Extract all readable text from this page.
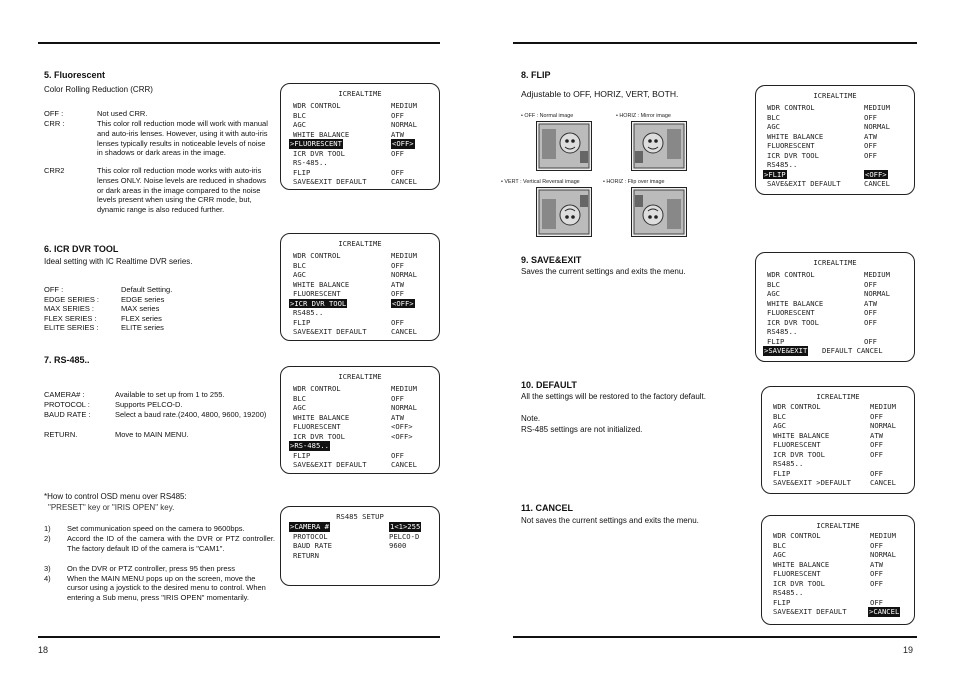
5. Fluorescent
Color Rolling Reduction (CRR)
OFF :	Not used CRR.
CRR :	This color roll reduction mode will work with manual and auto-iris lenses. However, using it with auto-iris lenses typically results in noticeable levels of noise in shadows or dark areas in the image.
CRR2	This color roll reduction mode works with auto-iris lenses ONLY. Noise levels are reduced in shadows or dark areas in the image compared to the noise levels present when using the CRR mode, but, dynamic range is also reduced further.
ICREALTIME
WDR CONTROL	MEDIUM
BLC	OFF
AGC	NORMAL
WHITE BALANCE	ATW
>FLUORESCENT	<OFF>
ICR DVR TOOL	OFF
RS-485..
FLIP	OFF
SAVE&EXIT DEFAULT	CANCEL
6. ICR DVR TOOL
Ideal setting with IC Realtime DVR series.
OFF :	Default Setting.
EDGE SERIES :	EDGE series
MAX SERIES :	MAX series
FLEX SERIES :	FLEX series
ELITE SERIES :	ELITE series
ICREALTIME
WDR CONTROL	MEDIUM
BLC	OFF
AGC	NORMAL
WHITE BALANCE	ATW
FLUORESCENT	OFF
>ICR DVR TOOL	<OFF>
RS485..
FLIP	OFF
SAVE&EXIT DEFAULT	CANCEL
7. RS-485..
CAMERA# :	Available to set up from 1 to 255.
PROTOCOL :	Supports PELCO-D.
BAUD RATE :	Select a baud rate.(2400, 4800, 9600, 19200)
RETURN.	Move to MAIN MENU.
ICREALTIME
WDR CONTROL	MEDIUM
BLC	OFF
AGC	NORMAL
WHITE BALANCE	ATW
FLUORESCENT	<OFF>
ICR DVR TOOL	<OFF>
>RS-485..
FLIP	OFF
SAVE&EXIT DEFAULT	CANCEL
*How to control OSD menu over RS485:
"PRESET" key or "IRIS OPEN" key.
1) Set communication speed on the camera to 9600bps.
2) Accord the ID of the camera with the DVR or PTZ controller. The factory default ID of the camera is "CAM1".
3) On the DVR or PTZ controller, press 95 then press
4) When the MAIN MENU pops up on the screen, move the cursor using a joystick to the desired menu to control. When entering a Sub menu, press "IRIS OPEN" momentarily.
RS485 SETUP
>CAMERA #	1<1>255
PROTOCOL	PELCO-D
BAUD RATE	9600
RETURN
18
8. FLIP
Adjustable to OFF, HORIZ, VERT, BOTH.
• OFF : Normal image	• HORIZ : Mirror image
• VERT : Vertical Reversal image	• HORIZ : Flip over image
ICREALTIME
WDR CONTROL	MEDIUM
BLC	OFF
AGC	NORMAL
WHITE BALANCE	ATW
FLUORESCENT	OFF
ICR DVR TOOL	OFF
RS485..
>FLIP	<OFF>
SAVE&EXIT DEFAULT	CANCEL
9. SAVE&EXIT
Saves the current settings and exits the menu.
ICREALTIME
WDR CONTROL	MEDIUM
BLC	OFF
AGC	NORMAL
WHITE BALANCE	ATW
FLUORESCENT	OFF
ICR DVR TOOL	OFF
RS485..
FLIP	OFF
>SAVE&EXIT DEFAULT CANCEL
10. DEFAULT
All the settings will be restored to the factory default.
Note.
RS-485 settings are not initialized.
ICREALTIME
WDR CONTROL	MEDIUM
BLC	OFF
AGC	NORMAL
WHITE BALANCE	ATW
FLUORESCENT	OFF
ICR DVR TOOL	OFF
RS485..
FLIP	OFF
SAVE&EXIT >DEFAULT	CANCEL
11. CANCEL
Not saves the current settings and exits the menu.
ICREALTIME
WDR CONTROL	MEDIUM
BLC	OFF
AGC	NORMAL
WHITE BALANCE	ATW
FLUORESCENT	OFF
ICR DVR TOOL	OFF
RS485..
FLIP	OFF
SAVE&EXIT DEFAULT	>CANCEL
19
